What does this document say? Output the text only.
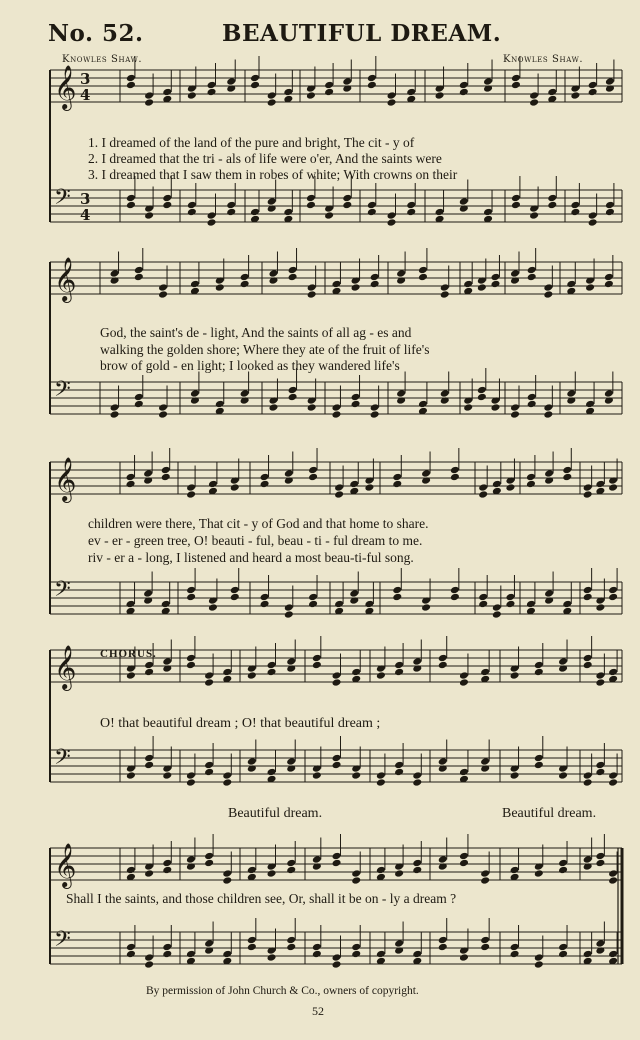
No. 52.	BEAUTIFUL DREAM.
Knowles Shaw.	Knowles Shaw.
𝄞 3
4
𝄢 3
4
𝄞
𝄢
𝄞
𝄢
𝄞
𝄢
𝄞
𝄢
1. I dreamed of the land of the pure and bright, The cit - y of
2. I dreamed that the tri - als of life were o'er, And the saints were
3. I dreamed that I saw them in robes of white; With crowns on their
God, the saint's de - light, And the saints of all ag - es and
walking the golden shore; Where they ate of the fruit of life's
brow of gold - en light; I looked as they wandered life's
children were there, That cit - y of God and that home to share.
ev - er - green tree, O! beauti - ful, beau - ti - ful dream to me.
riv - er a - long, I listened and heard a most beau-ti-ful song.
CHORUS.
O! that beautiful dream ; O! that beautiful dream ;
Beautiful dream.	Beautiful dream.
Shall I the saints, and those children see, Or, shall it be on - ly a dream ?
By permission of John Church & Co., owners of copyright.
52
